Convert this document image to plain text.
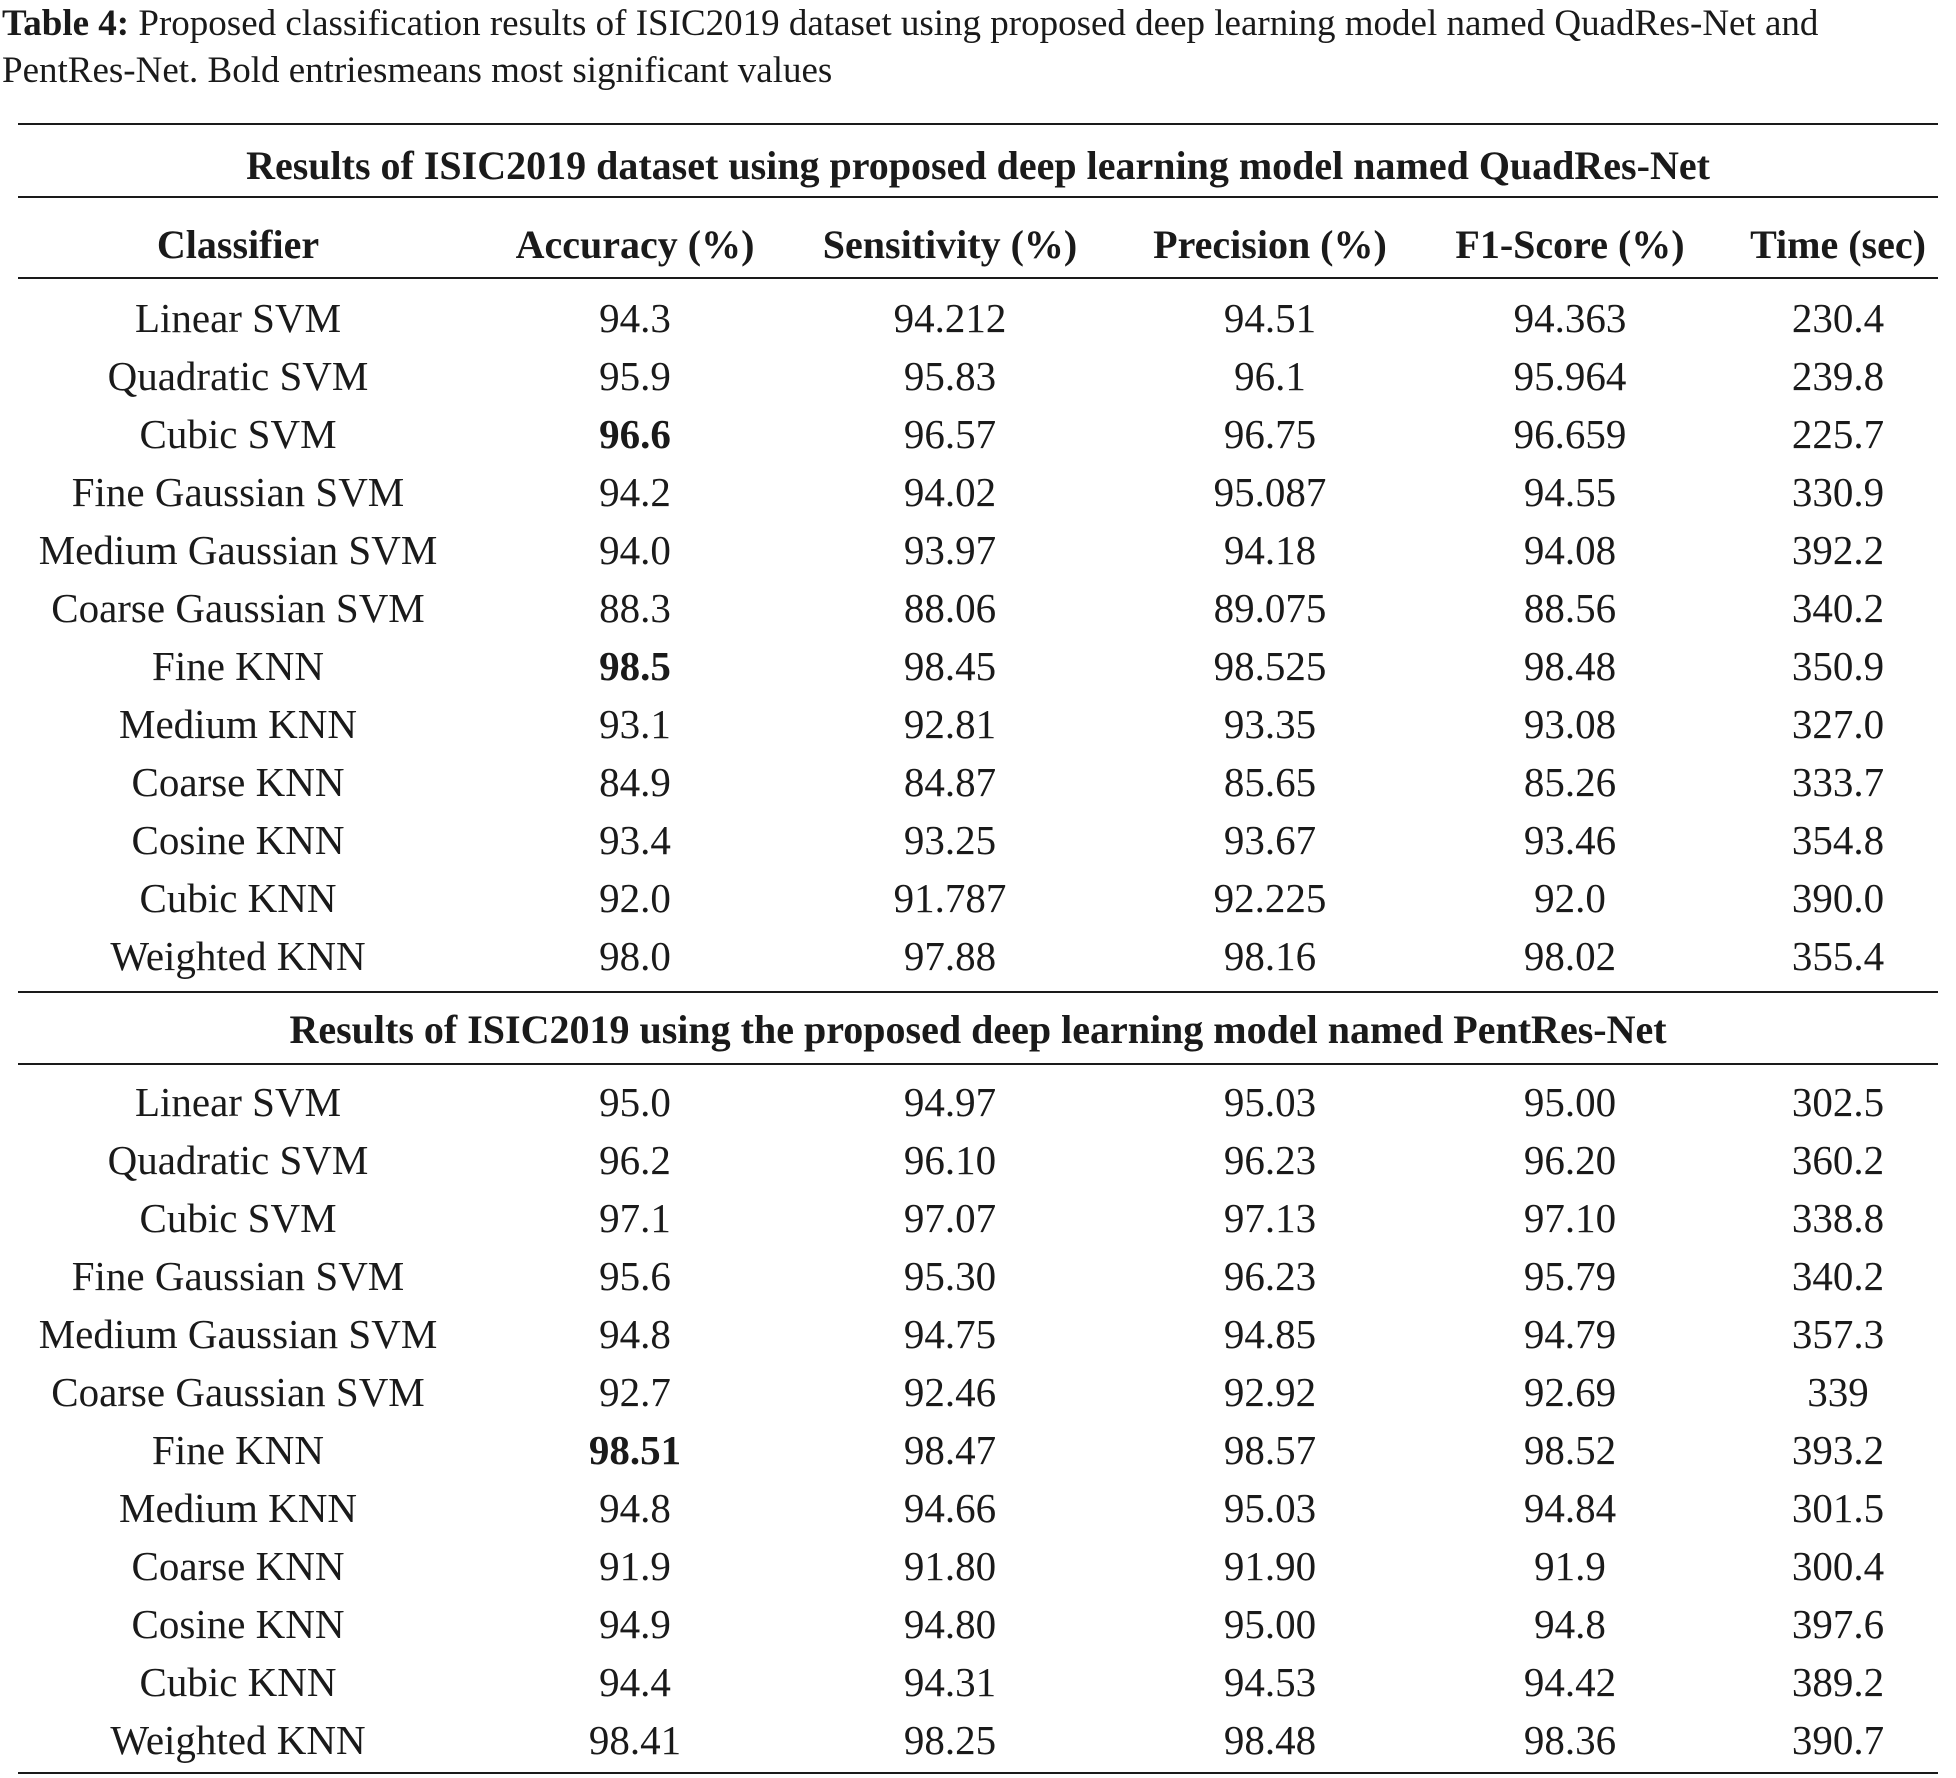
Table 4: Proposed classification results of ISIC2019 dataset using proposed deep learning model named QuadRes-Net and PentRes-Net. Bold entriesmeans most significant values
Results of ISIC2019 dataset using proposed deep learning model named QuadRes-Net
Classifier	Accuracy (%)	Sensitivity (%)	Precision (%)	F1-Score (%)	Time (sec)
Linear SVM	94.3	94.212	94.51	94.363	230.4
Quadratic SVM	95.9	95.83	96.1	95.964	239.8
Cubic SVM	96.6	96.57	96.75	96.659	225.7
Fine Gaussian SVM	94.2	94.02	95.087	94.55	330.9
Medium Gaussian SVM	94.0	93.97	94.18	94.08	392.2
Coarse Gaussian SVM	88.3	88.06	89.075	88.56	340.2
Fine KNN	98.5	98.45	98.525	98.48	350.9
Medium KNN	93.1	92.81	93.35	93.08	327.0
Coarse KNN	84.9	84.87	85.65	85.26	333.7
Cosine KNN	93.4	93.25	93.67	93.46	354.8
Cubic KNN	92.0	91.787	92.225	92.0	390.0
Weighted KNN	98.0	97.88	98.16	98.02	355.4
Results of ISIC2019 using the proposed deep learning model named PentRes-Net
Linear SVM	95.0	94.97	95.03	95.00	302.5
Quadratic SVM	96.2	96.10	96.23	96.20	360.2
Cubic SVM	97.1	97.07	97.13	97.10	338.8
Fine Gaussian SVM	95.6	95.30	96.23	95.79	340.2
Medium Gaussian SVM	94.8	94.75	94.85	94.79	357.3
Coarse Gaussian SVM	92.7	92.46	92.92	92.69	339
Fine KNN	98.51	98.47	98.57	98.52	393.2
Medium KNN	94.8	94.66	95.03	94.84	301.5
Coarse KNN	91.9	91.80	91.90	91.9	300.4
Cosine KNN	94.9	94.80	95.00	94.8	397.6
Cubic KNN	94.4	94.31	94.53	94.42	389.2
Weighted KNN	98.41	98.25	98.48	98.36	390.7
